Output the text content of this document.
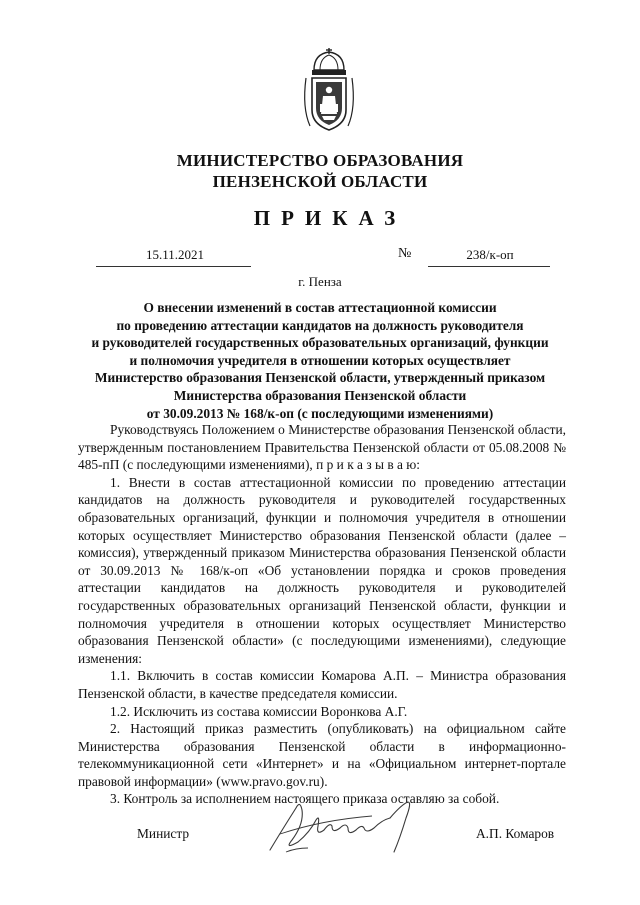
МИНИСТЕРСТВО ОБРАЗОВАНИЯ
ПЕНЗЕНСКОЙ ОБЛАСТИ
ПРИКАЗ
15.11.2021	№	238/к-оп
г. Пенза
О внесении изменений в состав аттестационной комиссии
по проведению аттестации кандидатов на должность руководителя
и руководителей государственных образовательных организаций, функции
и полномочия учредителя в отношении которых осуществляет
Министерство образования Пензенской области, утвержденный приказом
Министерства образования Пензенской области
от 30.09.2013 № 168/к-оп (с последующими изменениями)

Руководствуясь Положением о Министерстве образования Пензенской области, утвержденным постановлением Правительства Пензенской области от 05.08.2008 № 485-пП (с последующими изменениями), п р и к а з ы в а ю:

1. Внести в состав аттестационной комиссии по проведению аттестации кандидатов на должность руководителя и руководителей государственных образовательных организаций, функции и полномочия учредителя в отношении которых осуществляет Министерство образования Пензенской области (далее – комиссия), утвержденный приказом Министерства образования Пензенской области от 30.09.2013 № 168/к-оп «Об установлении порядка и сроков проведения аттестации кандидатов на должность руководителя и руководителей государственных образовательных организаций Пензенской области, функции и полномочия учредителя в отношении которых осуществляет Министерство образования Пензенской области» (с последующими изменениями), следующие изменения:

1.1. Включить в состав комиссии Комарова А.П. – Министра образования Пензенской области, в качестве председателя комиссии.

1.2. Исключить из состава комиссии Воронкова А.Г.

2. Настоящий приказ разместить (опубликовать) на официальном сайте Министерства образования Пензенской области в информационно-телекоммуникационной сети «Интернет» и на «Официальном интернет-портале правовой информации» (www.pravo.gov.ru).

3. Контроль за исполнением настоящего приказа оставляю за собой.

Министр	А.П. Комаров
